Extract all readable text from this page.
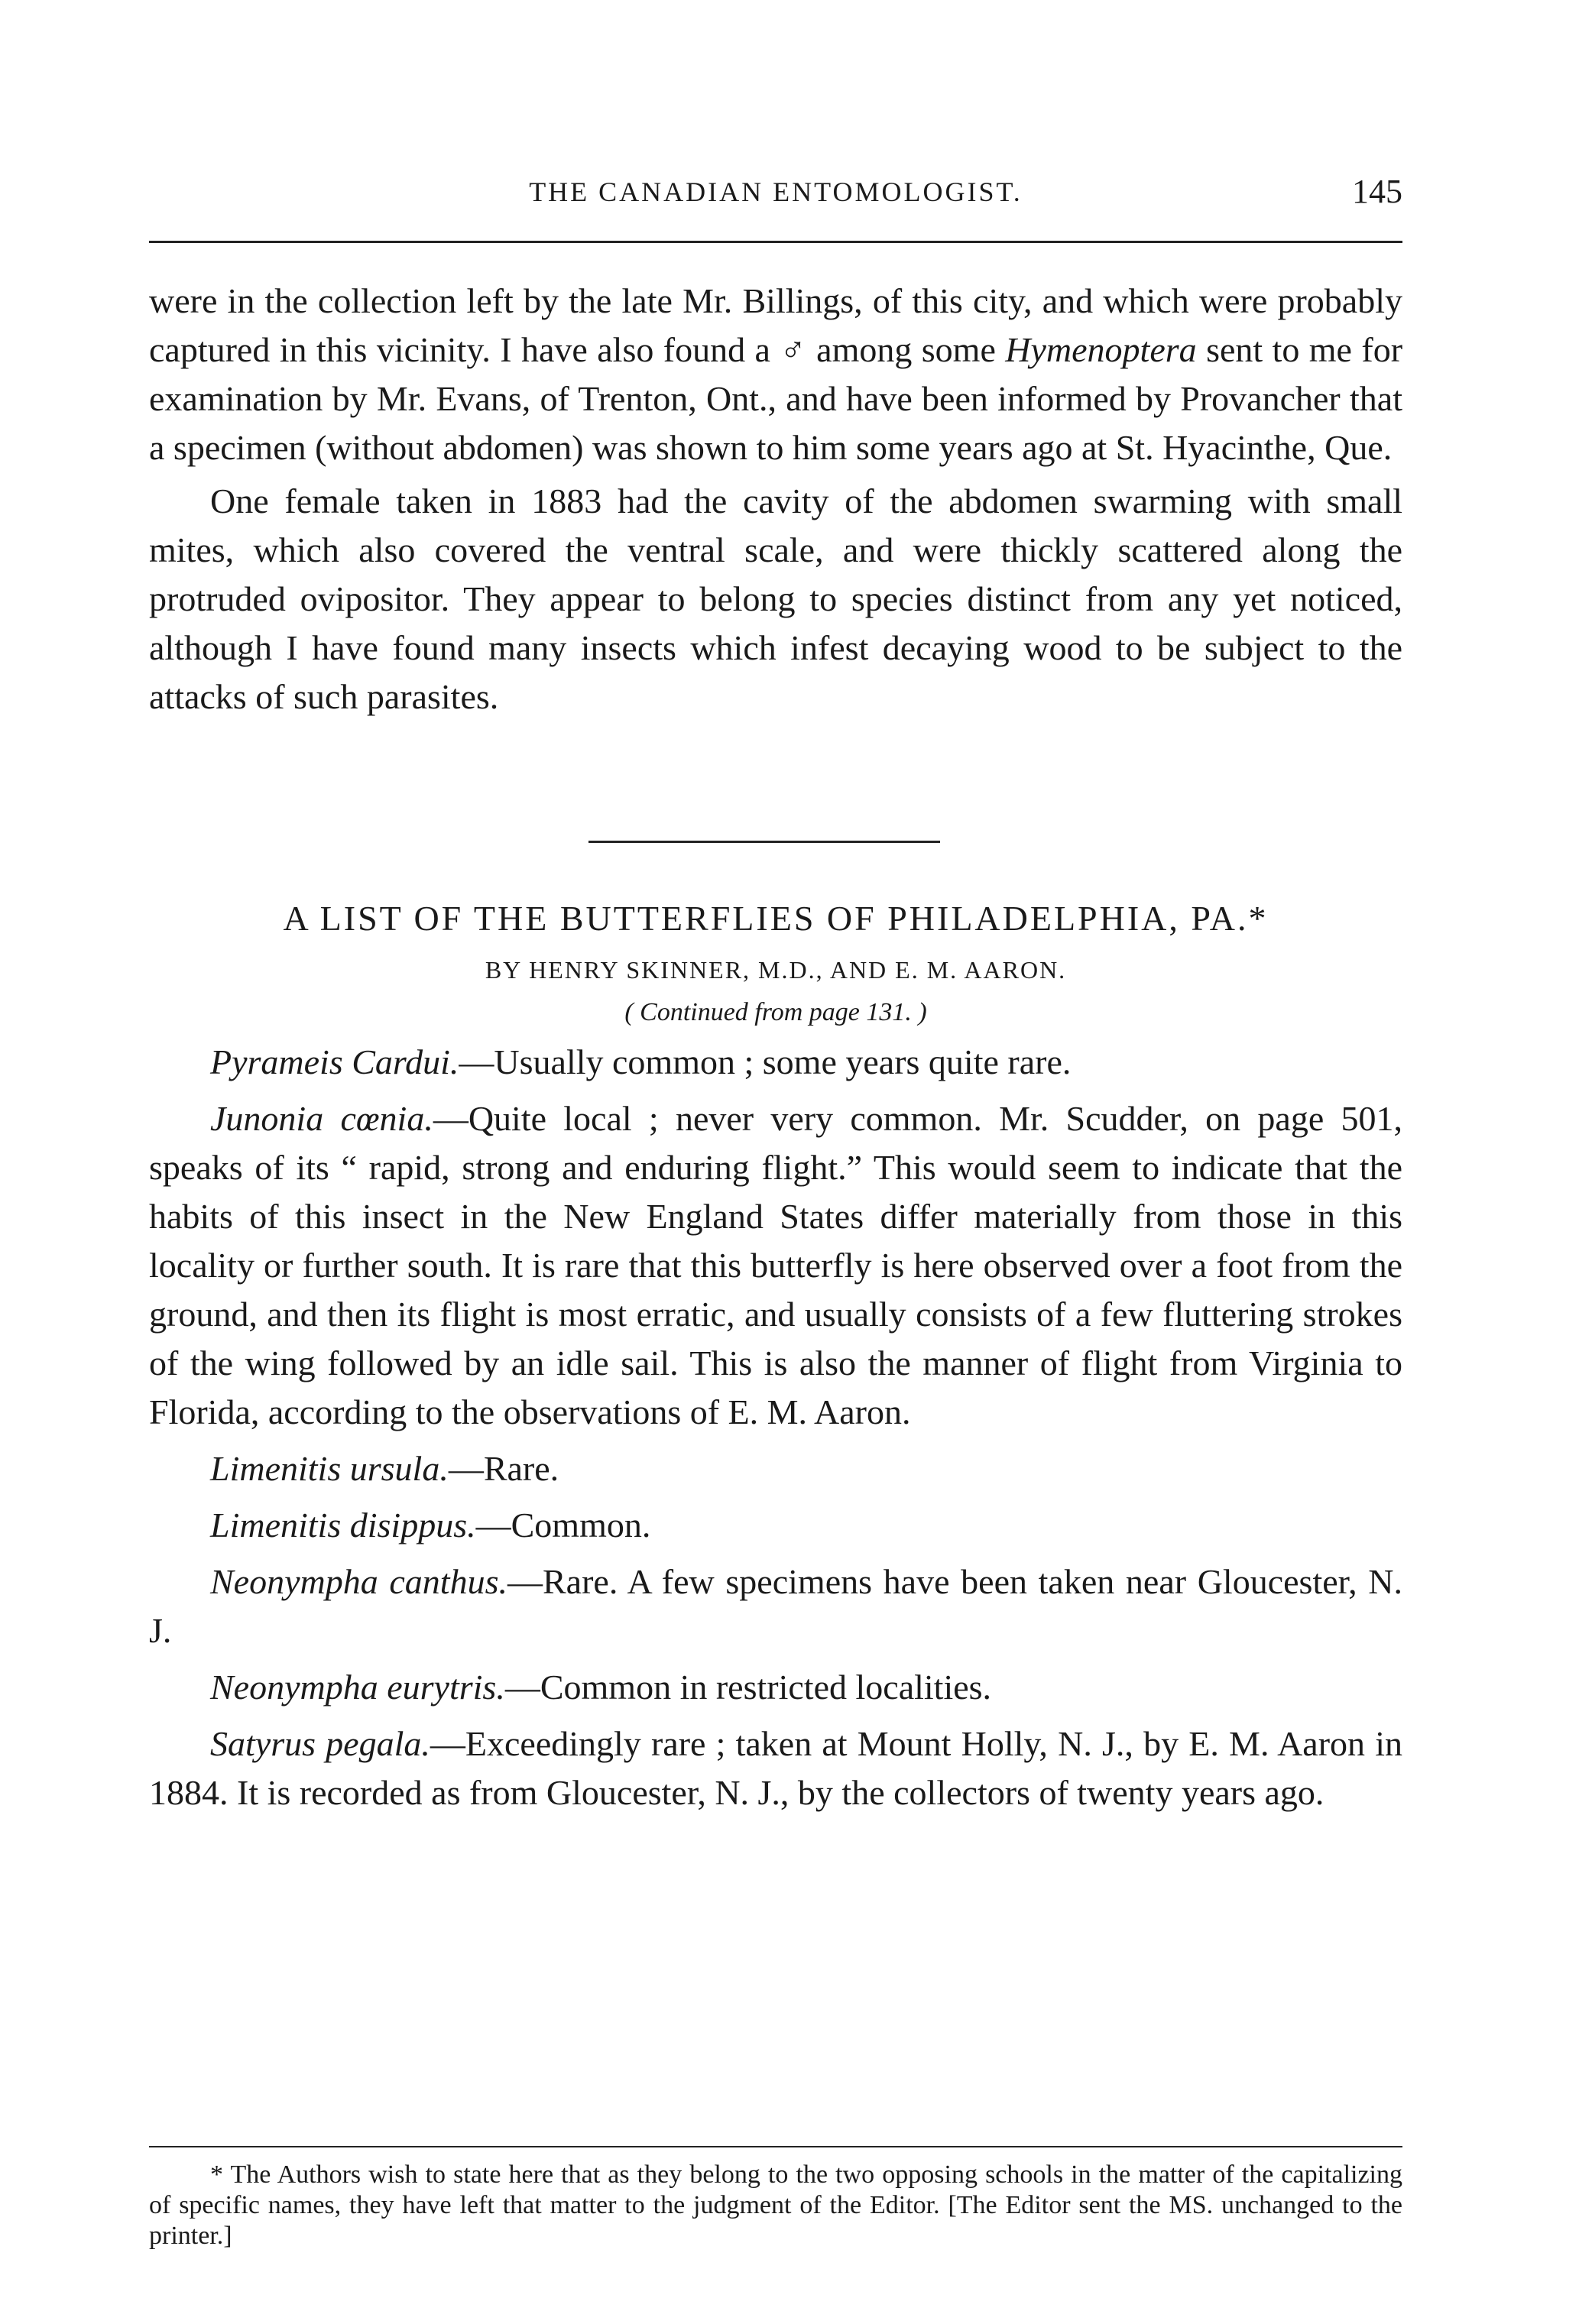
THE CANADIAN ENTOMOLOGIST.	145

were in the collection left by the late Mr. Billings, of this city, and which were probably captured in this vicinity. I have also found a ♂ among some Hymenoptera sent to me for examination by Mr. Evans, of Trenton, Ont., and have been informed by Provancher that a specimen (without abdomen) was shown to him some years ago at St. Hyacinthe, Que.

One female taken in 1883 had the cavity of the abdomen swarming with small mites, which also covered the ventral scale, and were thickly scattered along the protruded ovipositor. They appear to belong to species distinct from any yet noticed, although I have found many insects which infest decaying wood to be subject to the attacks of such parasites.

A LIST OF THE BUTTERFLIES OF PHILADELPHIA, PA.*
BY HENRY SKINNER, M.D., AND E. M. AARON.
( Continued from page 131. )

Pyrameis Cardui.—Usually common ; some years quite rare.

Junonia cœnia.—Quite local ; never very common. Mr. Scudder, on page 501, speaks of its “ rapid, strong and enduring flight.” This would seem to indicate that the habits of this insect in the New England States differ materially from those in this locality or further south. It is rare that this butterfly is here observed over a foot from the ground, and then its flight is most erratic, and usually consists of a few fluttering strokes of the wing followed by an idle sail. This is also the manner of flight from Virginia to Florida, according to the observations of E. M. Aaron.

Limenitis ursula.—Rare.

Limenitis disippus.—Common.

Neonympha canthus.—Rare. A few specimens have been taken near Gloucester, N. J.

Neonympha eurytris.—Common in restricted localities.

Satyrus pegala.—Exceedingly rare ; taken at Mount Holly, N. J., by E. M. Aaron in 1884. It is recorded as from Gloucester, N. J., by the collectors of twenty years ago.

* The Authors wish to state here that as they belong to the two opposing schools in the matter of the capitalizing of specific names, they have left that matter to the judgment of the Editor. [The Editor sent the MS. unchanged to the printer.]
